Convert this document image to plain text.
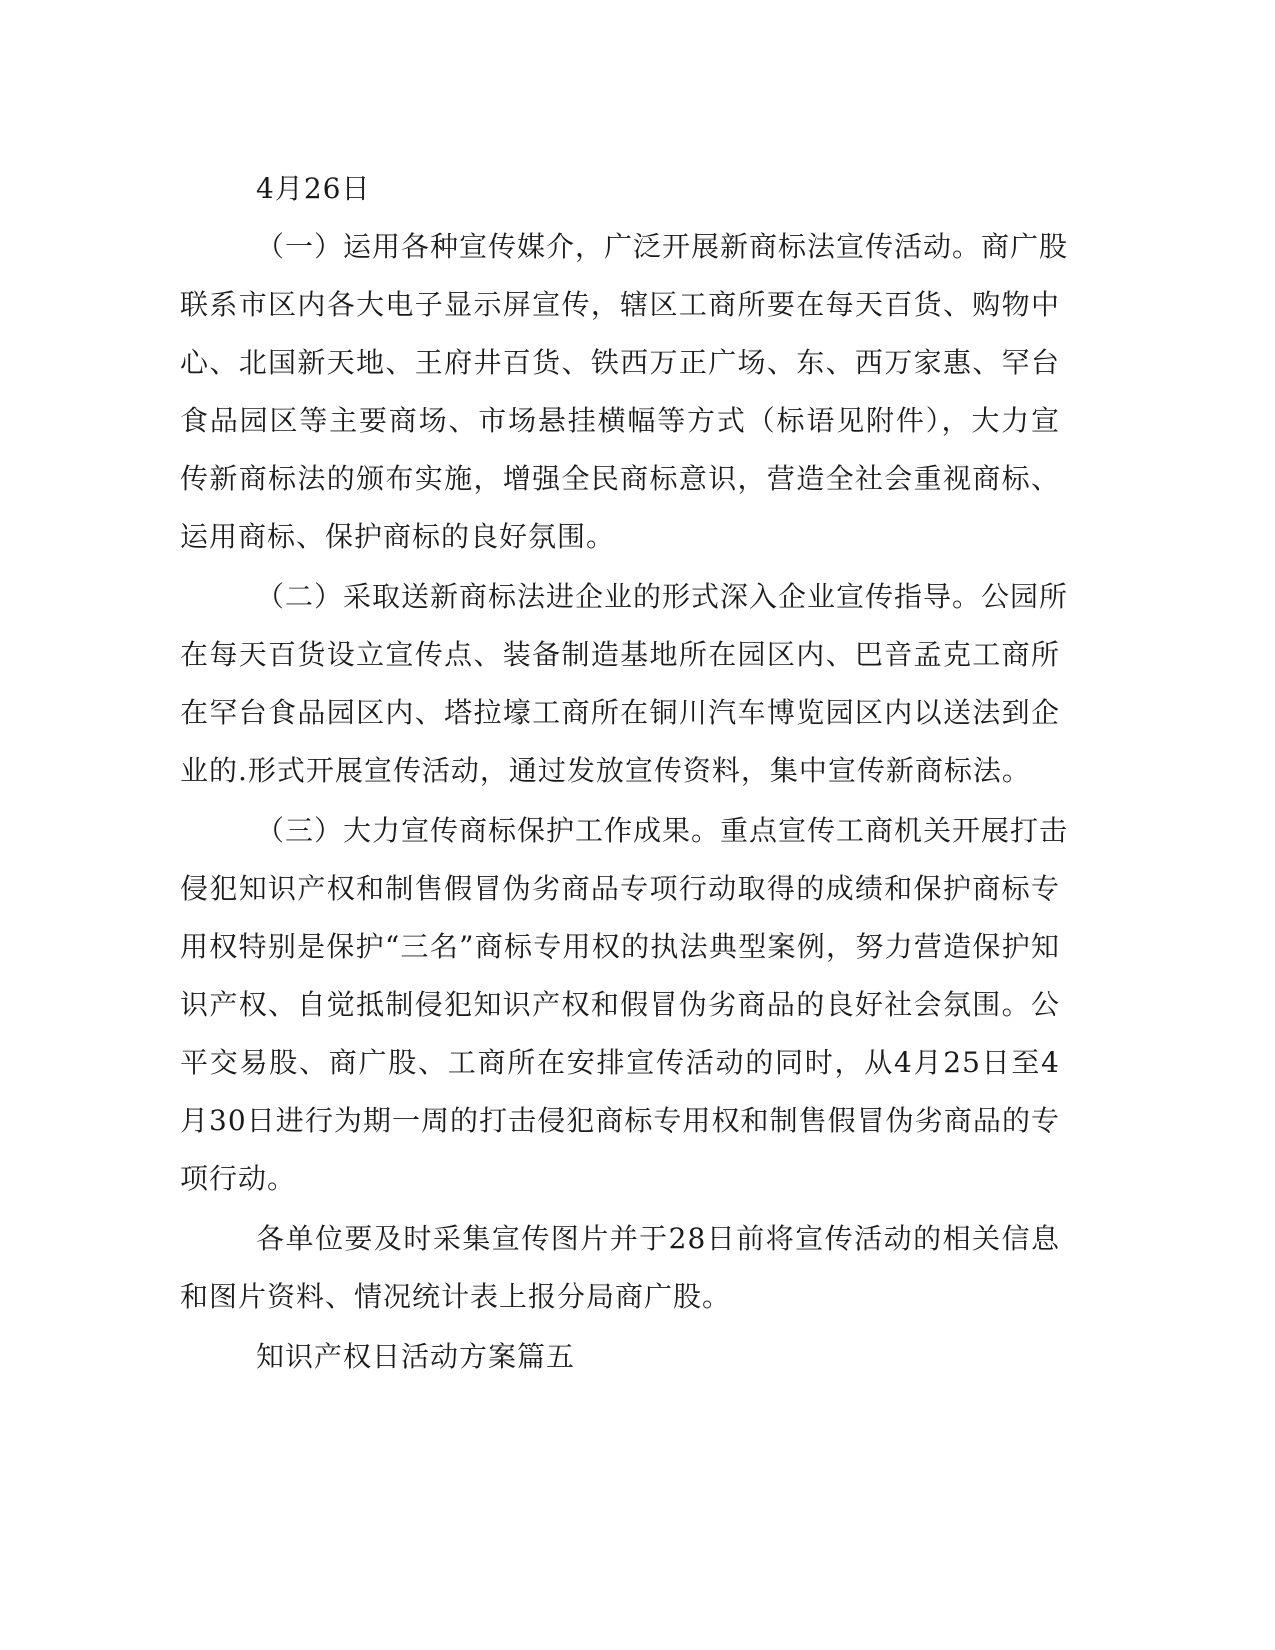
4月26日
（一）运用各种宣传媒介，广泛开展新商标法宣传活动。商广股
联系市区内各大电子显示屏宣传，辖区工商所要在每天百货、购物中
心、北国新天地、王府井百货、铁西万正广场、东、西万家惠、罕台
食品园区等主要商场、市场悬挂横幅等方式（标语见附件），大力宣
传新商标法的颁布实施，增强全民商标意识，营造全社会重视商标、
运用商标、保护商标的良好氛围。
（二）采取送新商标法进企业的形式深入企业宣传指导。公园所
在每天百货设立宣传点、装备制造基地所在园区内、巴音孟克工商所
在罕台食品园区内、塔拉壕工商所在铜川汽车博览园区内以送法到企
业的.形式开展宣传活动，通过发放宣传资料，集中宣传新商标法。
（三）大力宣传商标保护工作成果。重点宣传工商机关开展打击
侵犯知识产权和制售假冒伪劣商品专项行动取得的成绩和保护商标专
用权特别是保护“三名”商标专用权的执法典型案例，努力营造保护知
识产权、自觉抵制侵犯知识产权和假冒伪劣商品的良好社会氛围。公
平交易股、商广股、工商所在安排宣传活动的同时，从4月25日至4
月30日进行为期一周的打击侵犯商标专用权和制售假冒伪劣商品的专
项行动。
各单位要及时采集宣传图片并于28日前将宣传活动的相关信息
和图片资料、情况统计表上报分局商广股。
知识产权日活动方案篇五
